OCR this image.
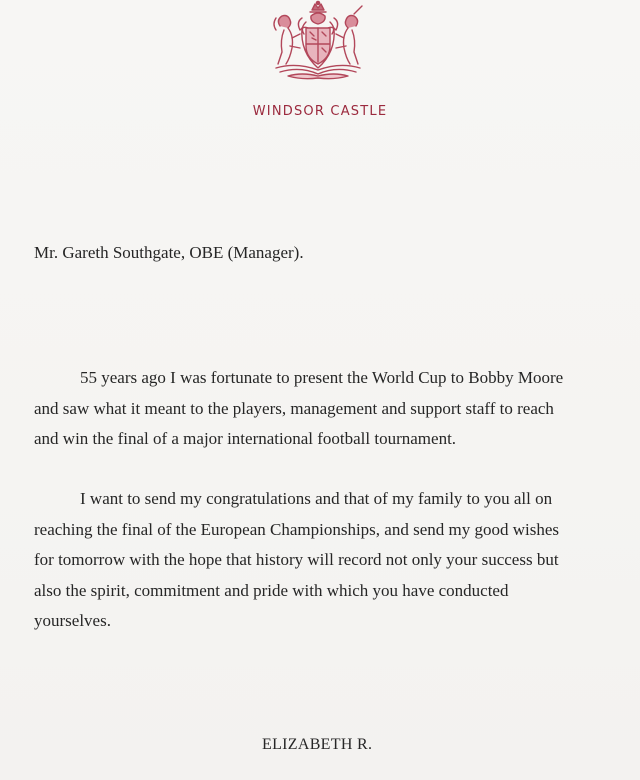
WINDSOR CASTLE
Mr. Gareth Southgate, OBE (Manager).
55 years ago I was fortunate to present the World Cup to Bobby Moore
and saw what it meant to the players, management and support staff to reach
and win the final of a major international football tournament.
I want to send my congratulations and that of my family to you all on
reaching the final of the European Championships, and send my good wishes
for tomorrow with the hope that history will record not only your success but
also the spirit, commitment and pride with which you have conducted
yourselves.
ELIZABETH R.
